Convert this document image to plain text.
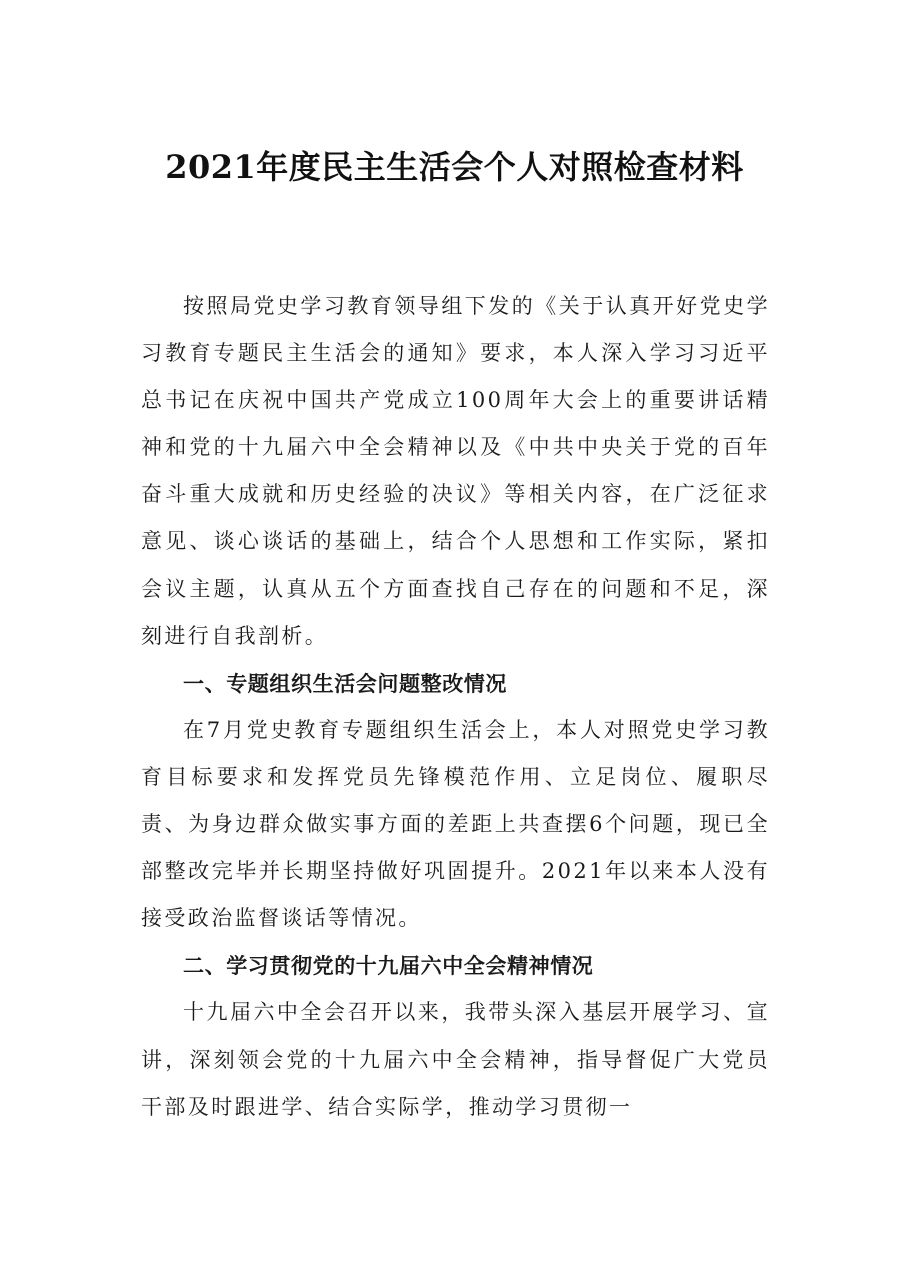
2021年度民主生活会个人对照检查材料

按照局党史学习教育领导组下发的《关于认真开好党史学习教育专题民主生活会的通知》要求，本人深入学习习近平总书记在庆祝中国共产党成立100周年大会上的重要讲话精神和党的十九届六中全会精神以及《中共中央关于党的百年奋斗重大成就和历史经验的决议》等相关内容，在广泛征求意见、谈心谈话的基础上，结合个人思想和工作实际，紧扣会议主题，认真从五个方面查找自己存在的问题和不足，深刻进行自我剖析。

一、专题组织生活会问题整改情况

在7月党史教育专题组织生活会上，本人对照党史学习教育目标要求和发挥党员先锋模范作用、立足岗位、履职尽责、为身边群众做实事方面的差距上共查摆6个问题，现已全部整改完毕并长期坚持做好巩固提升。2021年以来本人没有接受政治监督谈话等情况。

二、学习贯彻党的十九届六中全会精神情况

十九届六中全会召开以来，我带头深入基层开展学习、宣讲，深刻领会党的十九届六中全会精神，指导督促广大党员干部及时跟进学、结合实际学，推动学习贯彻一
